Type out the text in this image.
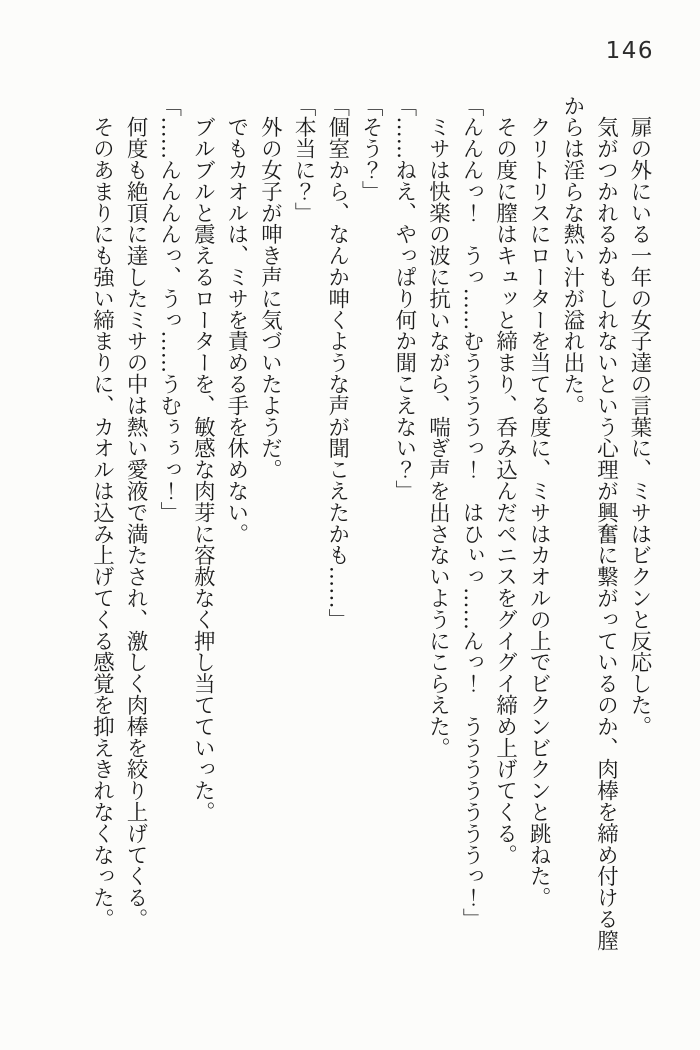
146

　扉の外にいる一年の女子達の言葉に、ミサはビクンと反応した。

　気がつかれるかもしれないという心理が興奮に繋がっているのか、肉棒を締め付ける膣からは淫らな熱い汁が溢れ出た。

　クリトリスにローターを当てる度に、ミサはカオルの上でビクンビクンと跳ねた。

　その度に膣はキュッと締まり、呑み込んだペニスをグイグイ締め上げてくる。

「んんんっ！　うっ……むううううっ！　はひぃっ……んっ！　うううううううっ！」

　ミサは快楽の波に抗いながら、喘ぎ声を出さないようにこらえた。

「……ねえ、やっぱり何か聞こえない？」

「そう？」

「個室から、なんか呻くような声が聞こえたかも……」

「本当に？」

　外の女子が呻き声に気づいたようだ。

　でもカオルは、ミサを責める手を休めない。

　ブルブルと震えるローターを、敏感な肉芽に容赦なく押し当てていった。

「……んんんんっ、うっ……うむぅぅっ！」

　何度も絶頂に達したミサの中は熱い愛液で満たされ、激しく肉棒を絞り上げてくる。

　そのあまりにも強い締まりに、カオルは込み上げてくる感覚を抑えきれなくなった。
